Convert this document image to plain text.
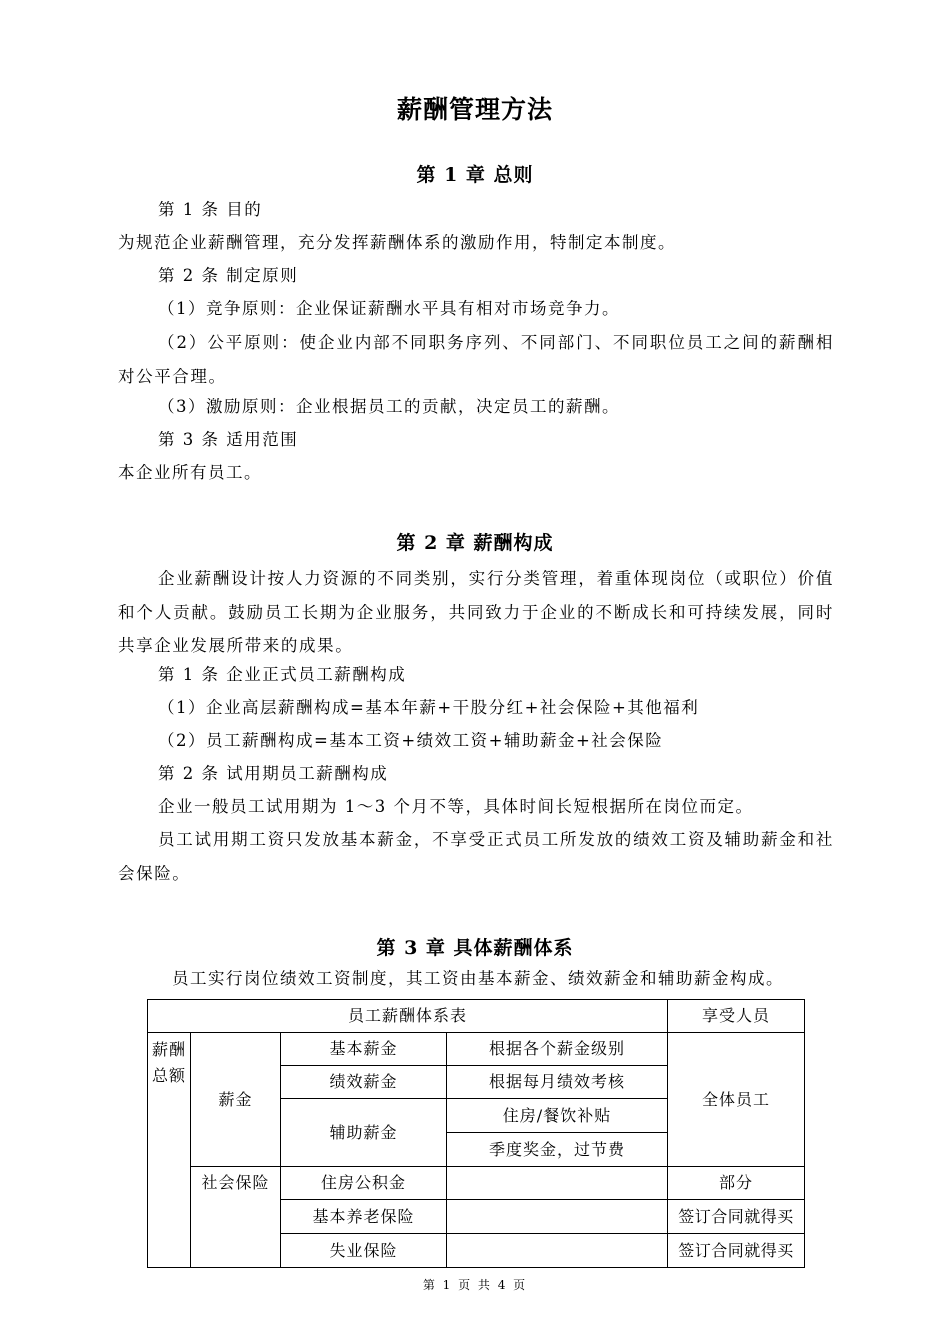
薪酬管理方法
第 1 章 总则
第 1 条 目的
为规范企业薪酬管理，充分发挥薪酬体系的激励作用，特制定本制度。
第 2 条 制定原则
（1）竞争原则：企业保证薪酬水平具有相对市场竞争力。
（2）公平原则：使企业内部不同职务序列、不同部门、不同职位员工之间的薪酬相对公平合理。
（3）激励原则：企业根据员工的贡献，决定员工的薪酬。
第 3 条 适用范围
本企业所有员工。
第 2 章 薪酬构成
企业薪酬设计按人力资源的不同类别，实行分类管理，着重体现岗位（或职位）价值和个人贡献。鼓励员工长期为企业服务，共同致力于企业的不断成长和可持续发展，同时共享企业发展所带来的成果。
第 1 条 企业正式员工薪酬构成
（1）企业高层薪酬构成=基本年薪+干股分红+社会保险+其他福利
（2）员工薪酬构成=基本工资+绩效工资+辅助薪金+社会保险
第 2 条 试用期员工薪酬构成
企业一般员工试用期为 1～3 个月不等，具体时间长短根据所在岗位而定。
员工试用期工资只发放基本薪金，不享受正式员工所发放的绩效工资及辅助薪金和社会保险。
第 3 章 具体薪酬体系
员工实行岗位绩效工资制度，其工资由基本薪金、绩效薪金和辅助薪金构成。
员工薪酬体系表				享受人员
薪酬总额	薪金	基本薪金	根据各个薪金级别	全体员工
		绩效薪金	根据每月绩效考核	
		辅助薪金	住房/餐饮补贴	
			季度奖金，过节费	
	社会保险	住房公积金		部分
		基本养老保险		签订合同就得买
		失业保险		签订合同就得买
第 1 页 共 4 页
